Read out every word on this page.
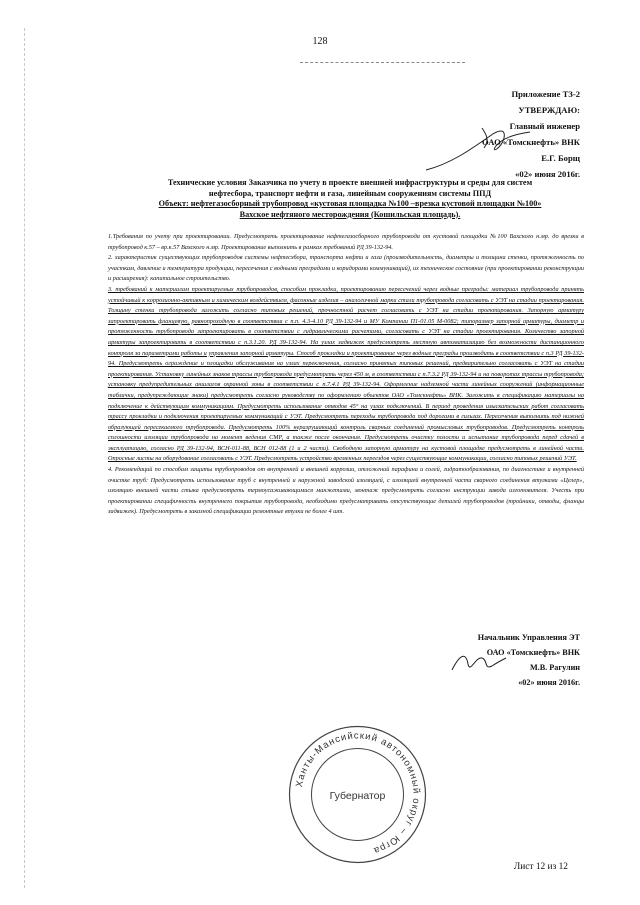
128
Приложение ТЗ-2
УТВЕРЖДАЮ:
Главный инженер
ОАО «Томскнефть» ВНК
Е.Г. Борщ
«02» июня 2016г.
Технические условия Заказчика по учету в проекте внешней инфраструктуры и среды для систем
нефтесбора, транспорт нефти и газа, линейным сооружениям системы ППД
Объект: нефтегазосборный трубопровод «кустовая площадка №100 –врезка кустовой площадки №100»
Вахское нефтяного месторождения (Кошильская площадь).

1.Требования по учету при проектировании. Предусмотреть проектирование нефтегазосборного трубопровода от кустовой площадки №100 Вахского н.мр. до врезки в трубопровод к.57 – вр.к.57 Вахского н.мр. Проектирование выполнить в рамках требований РД 39-132-94.

2. характеристик существующих трубопроводов системы нефтесхбора, транспорта нефти и газа (производительность, диаметры и толщина стенки, протяженность по участкам, давление и температура продукции, пересечения с водными преградами и коридорами коммуникаций), их техническое состояние (при проектировании реконструкции и расширения): капитальное строительство.

3. требований к материалам проектируемых трубопроводов, способам прокладки, проектированию пересечений через водные преграды: материал трубопровода принять устойчивый к коррозионно-активным и химическим воздействием, фасонные изделия – аналогичной марки стали трубопровода согласовать с УЭТ на стадии проектирования. Толщину стенки трубопровода заложить согласно типовых решений, прочностной расчет согласовать с УЭТ на стадии проектирования. Запорную арматуру запроектировать фланцевую, равнопроходную в соответствии с п.п. 4.3-4.10 РД 39-132-94 и МУ Компании П1-01.05 М-0082; типоразмер запорной арматуры, диаметр и протяженность трубопровода запроектировать в соответствии с гидравлическими расчетами, согласовать с УЭТ на стадии проектирования. Количество запорной арматуры запроектировать в соответствии с п.3.1.20. РД 39-132-94. На узлах задвижек предусмотреть местную автоматизацию без возможности дистанционного контроля за параметрами работы и управления запорной арматуры. Способ прокладки и проектирование через водные преграды производить в соответствии с п.3 РД 39-132-94. Предусмотреть ограждение и площадки обслуживания на узлах переключения, согласно принятых типовых решений, предварительно согласовать с УЭТ на стадии проектирования. Установку линейных знаков трассы трубопровода предусмотреть через 450 м, в соответствии с п.7.3.2 РД 39-132-94 и на поворотах трассы трубопровода; установку предупредительных аншлагов охранной зоны в соответствии с п.7.4.1 РД 39-132-94. Оформление надземной части линейных сооружений (информационные таблички, предупреждающие знаки) предусмотреть согласно руководству по оформлению объектов ОАО «Томскнефть» ВНК. Заложить в спецификацию материалы на подключение к действующим коммуникациям. Предусмотреть использование отводов 45° на узлах подключений. В период проведения изыскательских работ согласовать трассу прокладки и подключения проектируемых коммуникаций с УЭТ. Предусмотреть переходы трубопровода под дорогами в гильзах. Пересечения выполнить под нижней образующей пересекаемого трубопровода. Предусмотреть 100% неразрушающий контроль сварных соединений промысловых трубопроводов. Предусмотреть контроль сплошности изоляции трубопровода на момент ведения СМР, а также после окончания. Предусмотреть очистку полости и испытание трубопровода перед сдачей в эксплуатацию, согласно РД 39-132-94, ВСН-011-88, ВСН 012-88 (1 и 2 части). Свободную запорную арматуру на кустовой площадке предусмотреть в линейной части. Опросные листы на оборудование согласовать с УЭТ. Предусмотреть устройство временных переездов через существующие коммуникации, согласно типовых решений УЭТ.

4. Рекомендаций по способам защиты трубопроводов от внутренней и внешней коррозии, отложений парафина и солей, гидратообразования, по диагностике и внутренней очистке труб: Предусмотреть использование труб с внутренней и наружной заводской изоляцией, с изоляцией внутренней части сварного соединения втулками «Целер», изоляцию внешней части стыка предусмотреть термоусаживающимися манжетами, монтаж предусмотреть согласно инструкции завода изготовителя. Учесть при проектировании специфичность внутреннего покрытия трубопровода, необходимо предусматривать отсутствующие деталей трубопроводов (тройники, отводы, фланцы задвижек). Предусмотреть в заказной спецификации ремонтные втулки не более 4 шт.

Начальник Управления ЭТ
ОАО «Томскнефть» ВНК
М.В. Рагулин
«02» июня 2016г.
Ханты-Мансийский автономный округ – Югра
Губернатор
Лист 12 из 12
